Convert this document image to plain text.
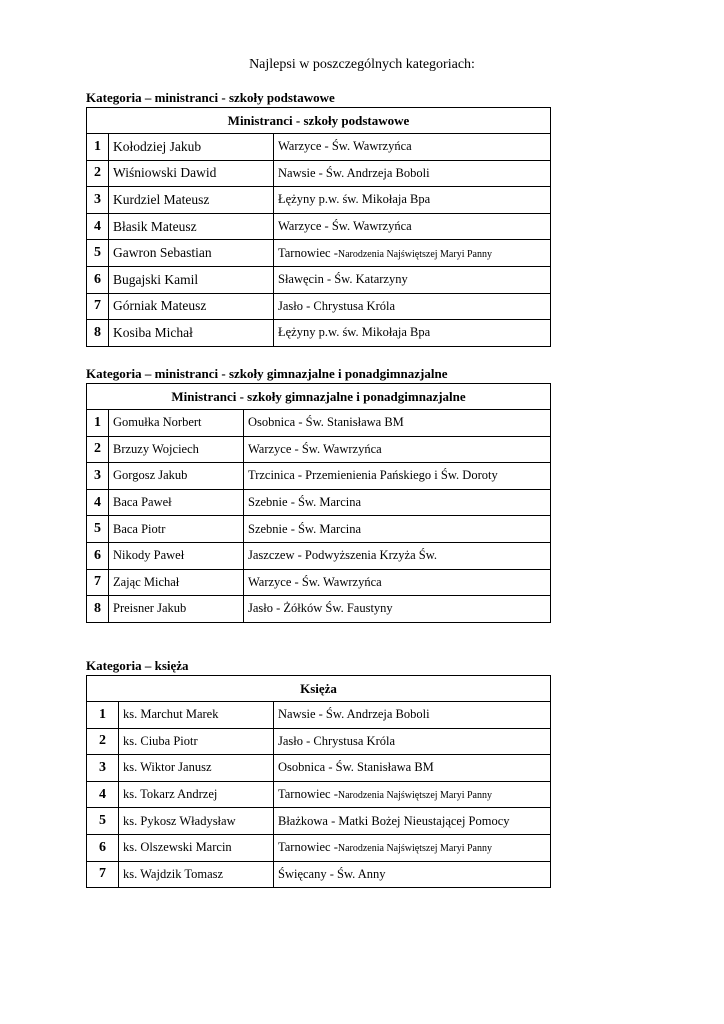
Najlepsi w poszczególnych kategoriach:
Kategoria – ministranci - szkoły podstawowe
Ministranci - szkoły podstawowe		
1	Kołodziej Jakub	Warzyce - Św. Wawrzyńca
2	Wiśniowski Dawid	Nawsie - Św. Andrzeja Boboli
3	Kurdziel Mateusz	Łężyny p.w. św. Mikołaja Bpa
4	Błasik Mateusz	Warzyce - Św. Wawrzyńca
5	Gawron Sebastian	Tarnowiec -Narodzenia Najświętszej Maryi Panny
6	Bugajski Kamil	Sławęcin - Św. Katarzyny
7	Górniak Mateusz	Jasło - Chrystusa Króla
8	Kosiba Michał	Łężyny p.w. św. Mikołaja Bpa
Kategoria – ministranci - szkoły gimnazjalne i ponadgimnazjalne
Ministranci - szkoły gimnazjalne i ponadgimnazjalne		
1	Gomułka Norbert	Osobnica - Św. Stanisława BM
2	Brzuzy Wojciech	Warzyce - Św. Wawrzyńca
3	Gorgosz Jakub	Trzcinica - Przemienienia Pańskiego i Św. Doroty
4	Baca Paweł	Szebnie - Św. Marcina
5	Baca Piotr	Szebnie - Św. Marcina
6	Nikody Paweł	Jaszczew - Podwyższenia Krzyża Św.
7	Zając Michał	Warzyce - Św. Wawrzyńca
8	Preisner Jakub	Jasło - Żółków Św. Faustyny
Kategoria – księża
Księża		
1	ks. Marchut Marek	Nawsie - Św. Andrzeja Boboli
2	ks. Ciuba Piotr	Jasło - Chrystusa Króla
3	ks. Wiktor Janusz	Osobnica - Św. Stanisława BM
4	ks. Tokarz Andrzej	Tarnowiec -Narodzenia Najświętszej Maryi Panny
5	ks. Pykosz Władysław	Błażkowa - Matki Bożej Nieustającej Pomocy
6	ks. Olszewski Marcin	Tarnowiec -Narodzenia Najświętszej Maryi Panny
7	ks. Wajdzik Tomasz	Święcany - Św. Anny
